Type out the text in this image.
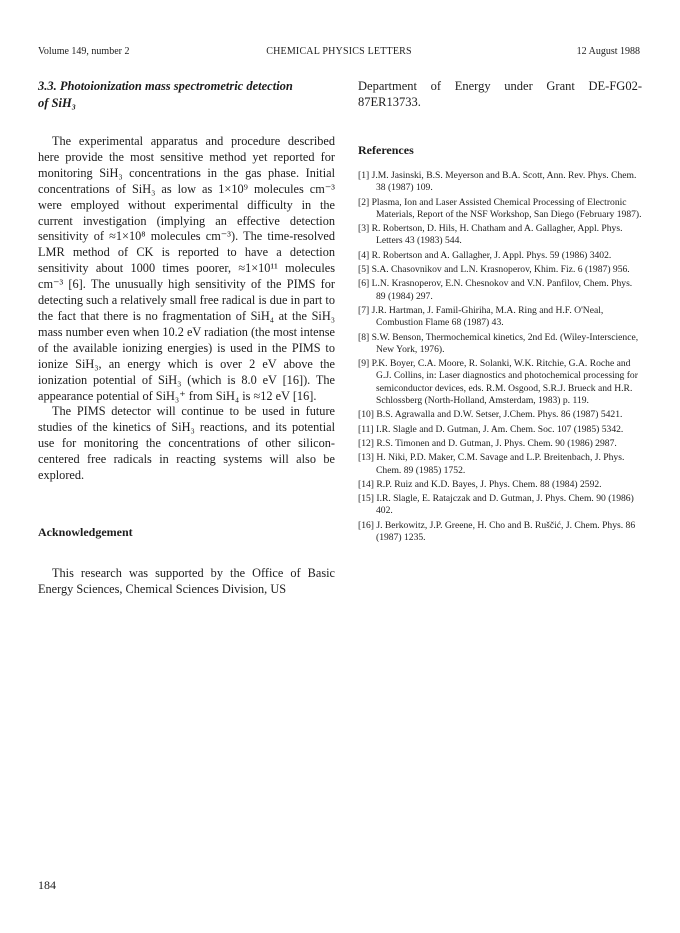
Volume 149, number 2	CHEMICAL PHYSICS LETTERS	12 August 1988
3.3. Photoionization mass spectrometric detection
of SiH₃

The experimental apparatus and procedure described here provide the most sensitive method yet reported for monitoring SiH₃ concentrations in the gas phase. Initial concentrations of SiH₃ as low as 1×10⁹ molecules cm⁻³ were employed without experimental difficulty in the current investigation (implying an effective detection sensitivity of ≈1×10⁸ molecules cm⁻³). The time-resolved LMR method of CK is reported to have a detection sensitivity about 1000 times poorer, ≈1×10¹¹ molecules cm⁻³ [6]. The unusually high sensitivity of the PIMS for detecting such a relatively small free radical is due in part to the fact that there is no fragmentation of SiH₄ at the SiH₃ mass number even when 10.2 eV radiation (the most intense of the available ionizing energies) is used in the PIMS to ionize SiH₃, an energy which is over 2 eV above the ionization potential of SiH₃ (which is 8.0 eV [16]). The appearance potential of SiH₃⁺ from SiH₄ is ≈12 eV [16].

The PIMS detector will continue to be used in future studies of the kinetics of SiH₃ reactions, and its potential use for monitoring the concentrations of other silicon-centered free radicals in reacting systems will also be explored.

Acknowledgement

This research was supported by the Office of Basic Energy Sciences, Chemical Sciences Division, US

Department of Energy under Grant DE-FG02-87ER13733.

References
[1] J.M. Jasinski, B.S. Meyerson and B.A. Scott, Ann. Rev. Phys. Chem. 38 (1987) 109.
[2] Plasma, Ion and Laser Assisted Chemical Processing of Electronic Materials, Report of the NSF Workshop, San Diego (February 1987).
[3] R. Robertson, D. Hils, H. Chatham and A. Gallagher, Appl. Phys. Letters 43 (1983) 544.
[4] R. Robertson and A. Gallagher, J. Appl. Phys. 59 (1986) 3402.
[5] S.A. Chasovnikov and L.N. Krasnoperov, Khim. Fiz. 6 (1987) 956.
[6] L.N. Krasnoperov, E.N. Chesnokov and V.N. Panfilov, Chem. Phys. 89 (1984) 297.
[7] J.R. Hartman, J. Famil-Ghiriha, M.A. Ring and H.F. O'Neal, Combustion Flame 68 (1987) 43.
[8] S.W. Benson, Thermochemical kinetics, 2nd Ed. (Wiley-Interscience, New York, 1976).
[9] P.K. Boyer, C.A. Moore, R. Solanki, W.K. Ritchie, G.A. Roche and G.J. Collins, in: Laser diagnostics and photochemical processing for semiconductor devices, eds. R.M. Osgood, S.R.J. Brueck and H.R. Schlossberg (North-Holland, Amsterdam, 1983) p. 119.
[10] B.S. Agrawalla and D.W. Setser, J.Chem. Phys. 86 (1987) 5421.
[11] I.R. Slagle and D. Gutman, J. Am. Chem. Soc. 107 (1985) 5342.
[12] R.S. Timonen and D. Gutman, J. Phys. Chem. 90 (1986) 2987.
[13] H. Niki, P.D. Maker, C.M. Savage and L.P. Breitenbach, J. Phys. Chem. 89 (1985) 1752.
[14] R.P. Ruiz and K.D. Bayes, J. Phys. Chem. 88 (1984) 2592.
[15] I.R. Slagle, E. Ratajczak and D. Gutman, J. Phys. Chem. 90 (1986) 402.
[16] J. Berkowitz, J.P. Greene, H. Cho and B. Ruščić, J. Chem. Phys. 86 (1987) 1235.
184
